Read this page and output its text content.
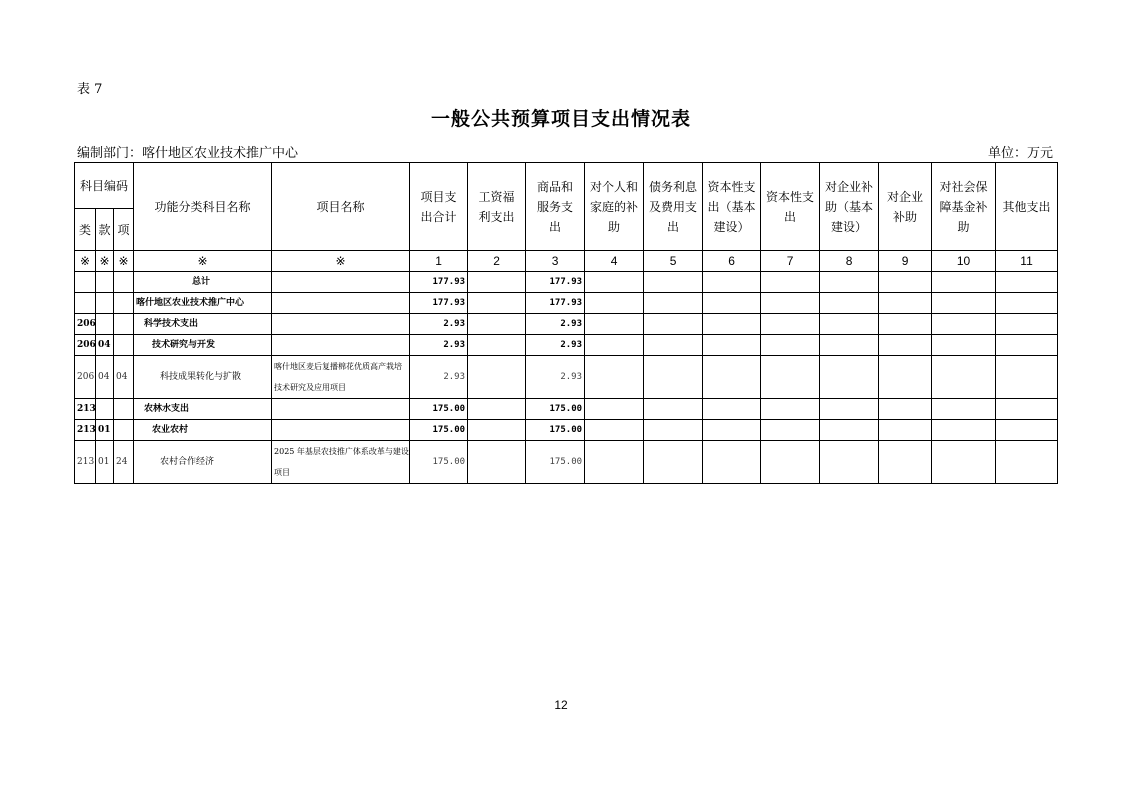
表 7
一般公共预算项目支出情况表
编制部门：喀什地区农业技术推广中心	单位：万元
科目编码			功能分类科目名称	项目名称	项目支出合计	工资福利支出	商品和服务支出	对个人和家庭的补助	债务利息及费用支出	资本性支出（基本建设）	资本性支出	对企业补助（基本建设）	对企业补助	对社会保障基金补助	其他支出
类	款	项													
※	※	※	※	※	1	2	3	4	5	6	7	8	9	10	11
			总计		177.93		177.93								
			喀什地区农业技术推广中心		177.93		177.93								
206			科学技术支出		2.93		2.93								
206	04		技术研究与开发		2.93		2.93								
206	04	04	科技成果转化与扩散	喀什地区麦后复播棉花优质高产栽培技术研究及应用项目	2.93		2.93								
213			农林水支出		175.00		175.00								
213	01		农业农村		175.00		175.00								
213	01	24	农村合作经济	2025 年基层农技推广体系改革与建设项目	175.00		175.00								
12
